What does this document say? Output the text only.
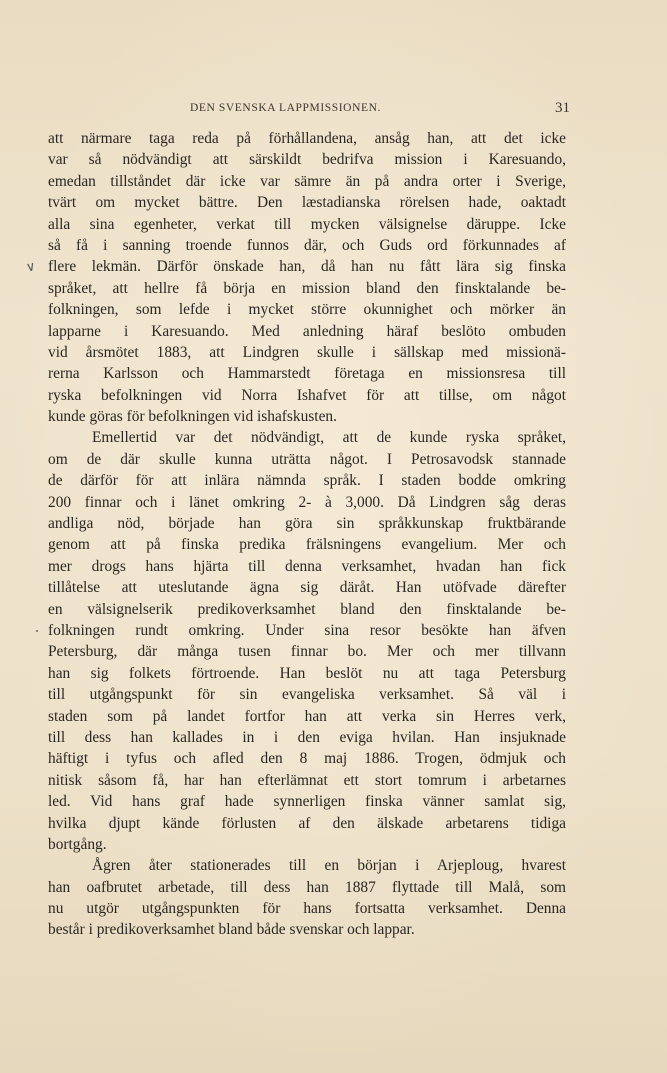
DEN SVENSKA LAPPMISSIONEN.	31
∨
att närmare taga reda på förhållandena, ansåg han, att det icke
var så nödvändigt att särskildt bedrifva mission i Karesuando,
emedan tillståndet där icke var sämre än på andra orter i Sverige,
tvärt om mycket bättre. Den læstadianska rörelsen hade, oaktadt
alla sina egenheter, verkat till mycken välsignelse däruppe. Icke
så få i sanning troende funnos där, och Guds ord förkunnades af
flere lekmän. Därför önskade han, då han nu fått lära sig finska
språket, att hellre få börja en mission bland den finsktalande be-
folkningen, som lefde i mycket större okunnighet och mörker än
lapparne i Karesuando. Med anledning häraf beslöto ombuden
vid årsmötet 1883, att Lindgren skulle i sällskap med missionä-
rerna Karlsson och Hammarstedt företaga en missionsresa till
ryska befolkningen vid Norra Ishafvet för att tillse, om något
kunde göras för befolkningen vid ishafskusten.
Emellertid var det nödvändigt, att de kunde ryska språket,
om de där skulle kunna uträtta något. I Petrosavodsk stannade
de därför för att inlära nämnda språk. I staden bodde omkring
200 finnar och i länet omkring 2- à 3,000. Då Lindgren såg deras
andliga nöd, började han göra sin språkkunskap fruktbärande
genom att på finska predika frälsningens evangelium. Mer och
mer drogs hans hjärta till denna verksamhet, hvadan han fick
tillåtelse att uteslutande ägna sig däråt. Han utöfvade därefter
en välsignelserik predikoverksamhet bland den finsktalande be-
folkningen rundt omkring. Under sina resor besökte han äfven
Petersburg, där många tusen finnar bo. Mer och mer tillvann
han sig folkets förtroende. Han beslöt nu att taga Petersburg
till utgångspunkt för sin evangeliska verksamhet. Så väl i
staden som på landet fortfor han att verka sin Herres verk,
till dess han kallades in i den eviga hvilan. Han insjuknade
häftigt i tyfus och afled den 8 maj 1886. Trogen, ödmjuk och
nitisk såsom få, har han efterlämnat ett stort tomrum i arbetarnes
led. Vid hans graf hade synnerligen finska vänner samlat sig,
hvilka djupt kände förlusten af den älskade arbetarens tidiga
bortgång.
Ågren åter stationerades till en början i Arjeploug, hvarest
han oafbrutet arbetade, till dess han 1887 flyttade till Malå, som
nu utgör utgångspunkten för hans fortsatta verksamhet. Denna
består i predikoverksamhet bland både svenskar och lappar.
